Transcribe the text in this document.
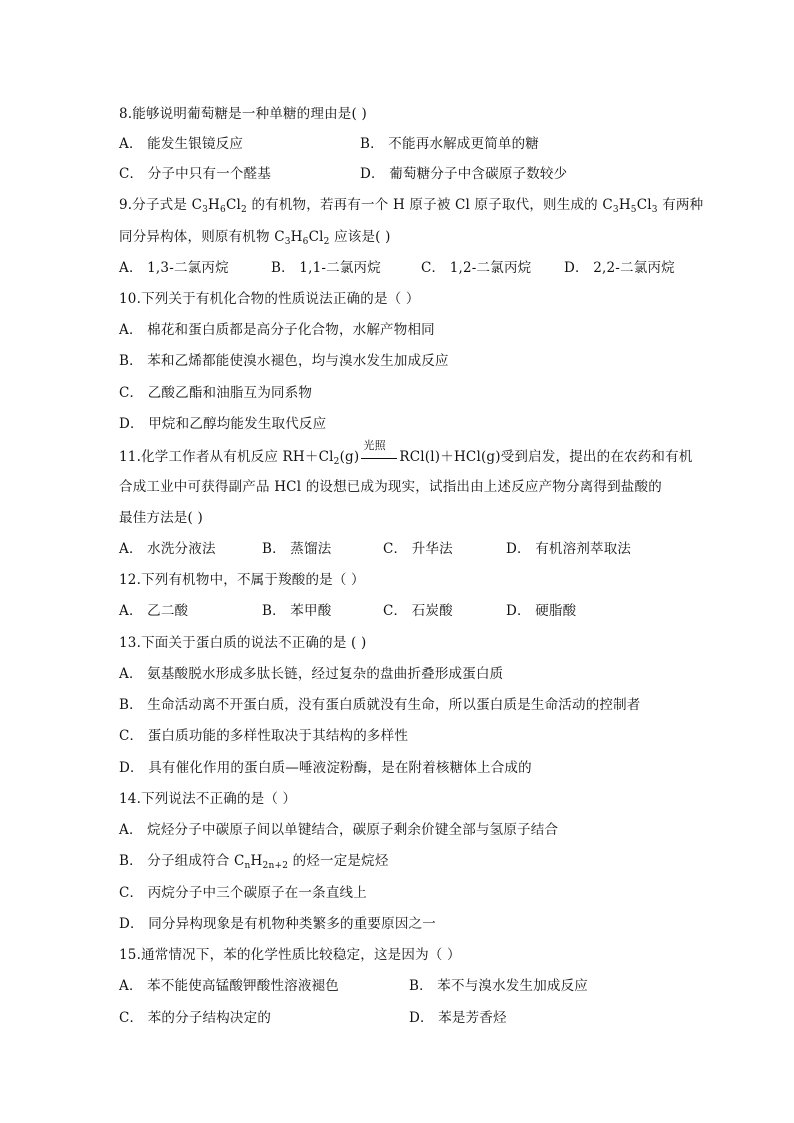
8.能够说明葡萄糖是一种单糖的理由是( )
A． 能发生银镜反应	B． 不能再水解成更简单的糖
C． 分子中只有一个醛基	D． 葡萄糖分子中含碳原子数较少
9.分子式是 $C_3H_6Cl_2$ 的有机物，若再有一个 H 原子被 Cl 原子取代，则生成的 $C_3H_5Cl_3$ 有两种
同分异构体，则原有机物 $C_3H_6Cl_2$ 应该是( )
A． 1,3-二氯丙烷	B． 1,1-二氯丙烷	C． 1,2-二氯丙烷 D． 2,2-二氯丙烷
10.下列关于有机化合物的性质说法正确的是（ ）
A． 棉花和蛋白质都是高分子化合物，水解产物相同
B． 苯和乙烯都能使溴水褪色，均与溴水发生加成反应
C． 乙酸乙酯和油脂互为同系物
D． 甲烷和乙醇均能发生取代反应
11.化学工作者从有机反应 $RH+Cl_2(g)$
光照
RCl(l)＋HCl(g)受到启发，提出的在农药和有机
合成工业中可获得副产品 HCl 的设想已成为现实，试指出由上述反应产物分离得到盐酸的
最佳方法是( )
A． 水洗分液法	B． 蒸馏法	C． 升华法	D． 有机溶剂萃取法
12.下列有机物中，不属于羧酸的是（ ）
A． 乙二酸	B． 苯甲酸	C． 石炭酸	D． 硬脂酸
13.下面关于蛋白质的说法不正确的是 ( )
A． 氨基酸脱水形成多肽长链，经过复杂的盘曲折叠形成蛋白质
B． 生命活动离不开蛋白质，没有蛋白质就没有生命，所以蛋白质是生命活动的控制者
C． 蛋白质功能的多样性取决于其结构的多样性
D． 具有催化作用的蛋白质—唾液淀粉酶，是在附着核糖体上合成的
14.下列说法不正确的是（ ）
A． 烷烃分子中碳原子间以单键结合，碳原子剩余价键全部与氢原子结合
B． 分子组成符合 $C_nH_{2n+2}$ 的烃一定是烷烃
C． 丙烷分子中三个碳原子在一条直线上
D． 同分异构现象是有机物种类繁多的重要原因之一
15.通常情况下，苯的化学性质比较稳定，这是因为（ ）
A． 苯不能使高锰酸钾酸性溶液褪色	B． 苯不与溴水发生加成反应
C． 苯的分子结构决定的	D． 苯是芳香烃
